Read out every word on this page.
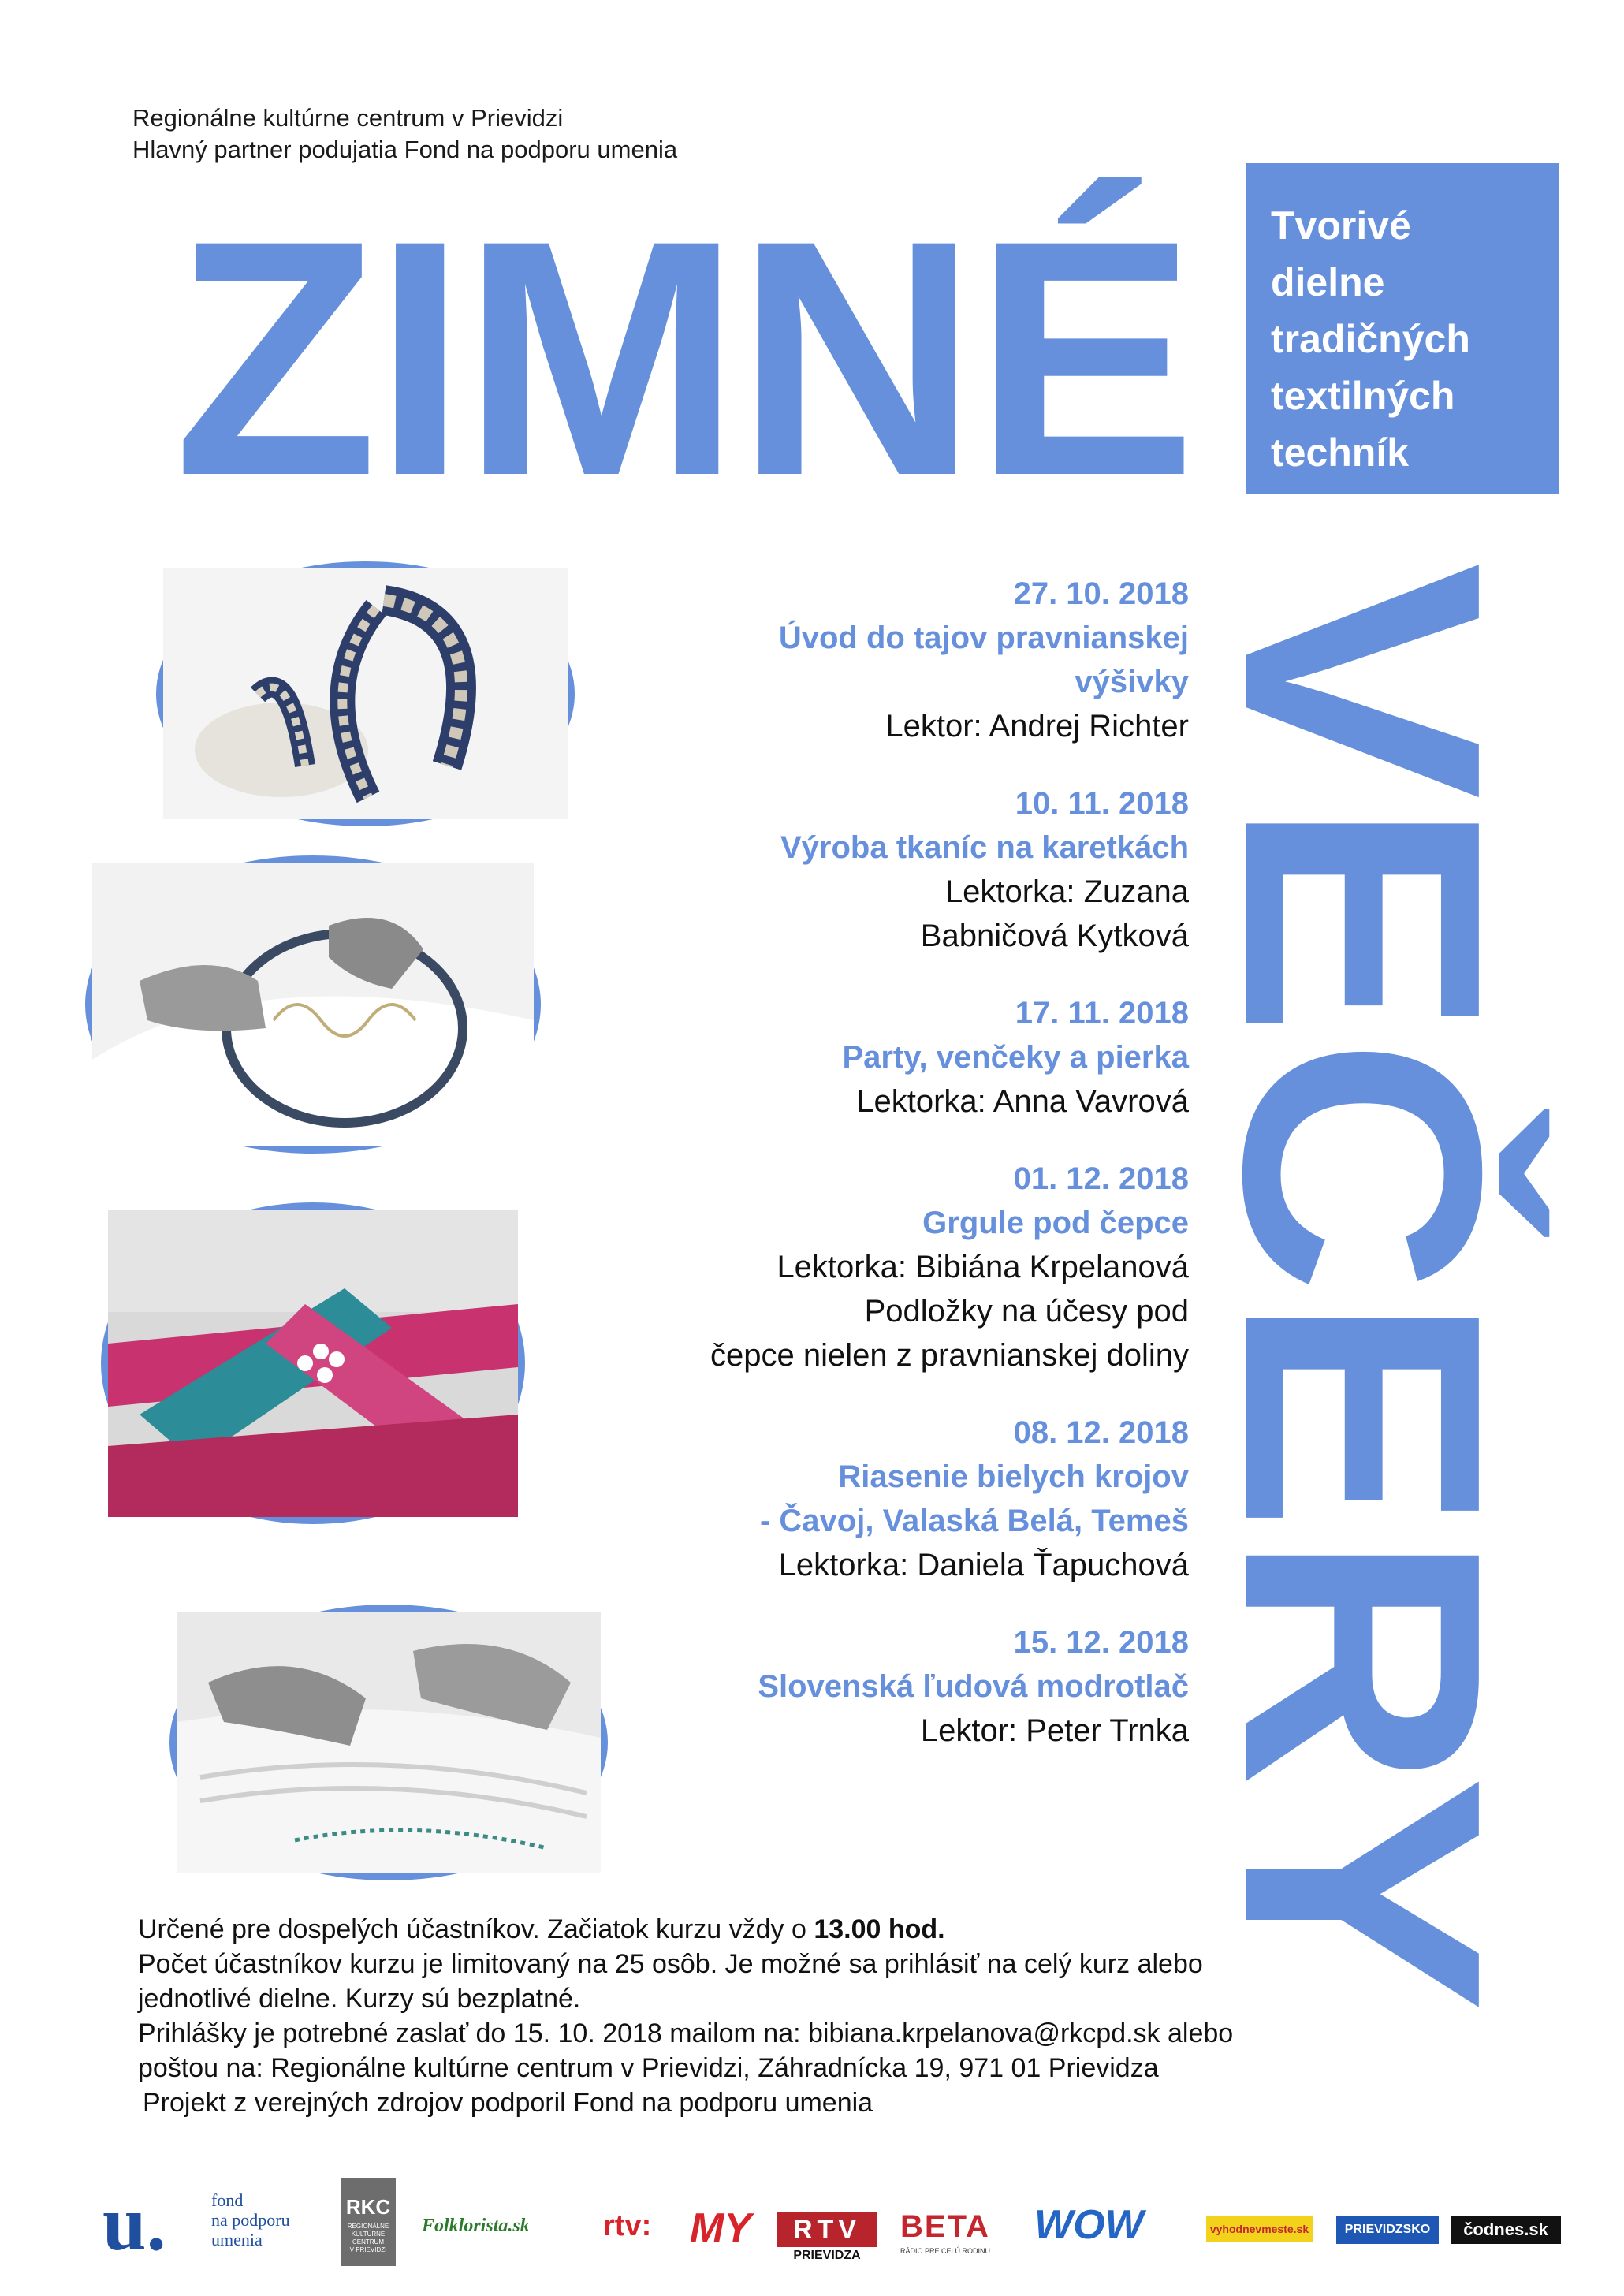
Regionálne kultúrne centrum v Prievidzi
Hlavný partner podujatia Fond na podporu umenia
ZIMNÉ Tvorivé
dielne
tradičných
textilných
techník
VEČERY
27. 10. 2018
Úvod do tajov pravnianskej
výšivky
Lektor: Andrej Richter
10. 11. 2018
Výroba tkaníc na karetkách
Lektorka: Zuzana
Babničová Kytková
17. 11. 2018
Party, venčeky a pierka
Lektorka: Anna Vavrová
01. 12. 2018
Grgule pod čepce
Lektorka: Bibiána Krpelanová
Podložky na účesy pod
čepce nielen z pravnianskej doliny
08. 12. 2018
Riasenie bielych krojov
- Čavoj, Valaská Belá, Temeš
Lektorka: Daniela Ťapuchová
15. 12. 2018
Slovenská ľudová modrotlač
Lektor: Peter Trnka
Určené pre dospelých účastníkov. Začiatok kurzu vždy o 13.00 hod.
Počet účastníkov kurzu je limitovaný na 25 osôb. Je možné sa prihlásiť na celý kurz alebo
jednotlivé dielne. Kurzy sú bezplatné.
Prihlášky je potrebné zaslať do 15. 10. 2018 mailom na: bibiana.krpelanova@rkcpd.sk alebo
poštou na: Regionálne kultúrne centrum v Prievidzi, Záhradnícka 19, 971 01 Prievidza
Projekt z verejných zdrojov podporil Fond na podporu umenia
u.	fond
na podporu
umenia
RKC
REGIONÁLNE
KULTÚRNE
CENTRUM
V PRIEVIDZI
Folklorista.sk rtv: MY	RTV
PRIEVIDZA
BETA
RÁDIO PRE CELÚ RODINU
WOW	vyhodnevmeste.sk	PRIEVIDZSKO	čodnes.sk
